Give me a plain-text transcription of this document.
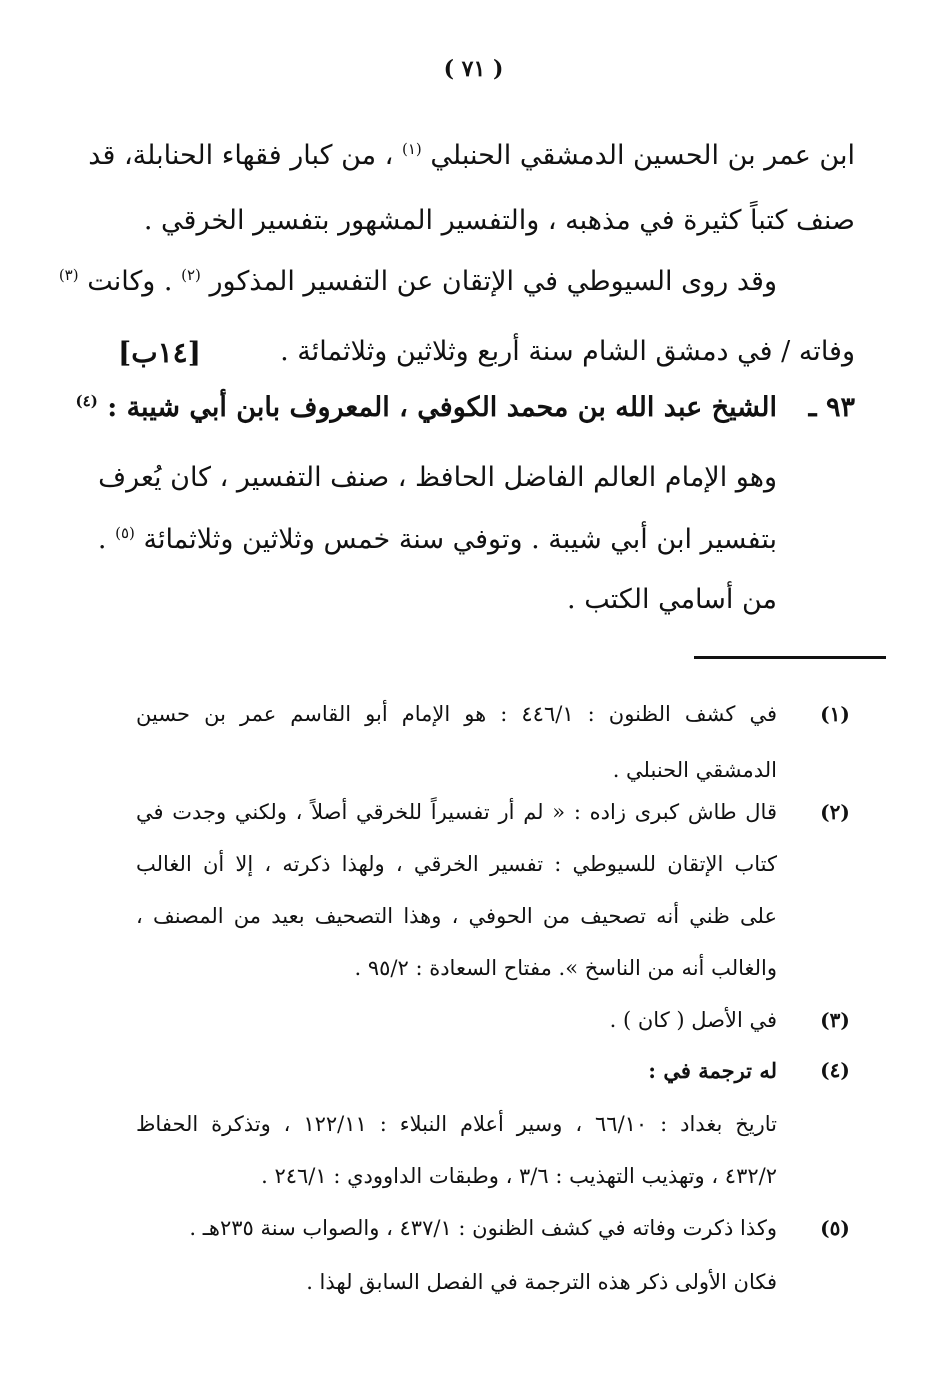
( ٧١ )
ابن عمر بن الحسين الدمشقي الحنبلي $^{(١)}$ ، من كبار فقهاء الحنابلة، قد
صنف كتباً كثيرة في مذهبه ، والتفسير المشهور بتفسير الخرقي .
وقد روى السيوطي في الإتقان عن التفسير المذكور $^{(٢)}$ . وكانت $^{(٣)}$
وفاته / في دمشق الشام سنة أربع وثلاثين وثلاثمائة .
[١٤ب]
٩٣ ـ
الشيخ عبد الله بن محمد الكوفي ، المعروف بابن أبي شيبة : $^{(٤)}$
وهو الإمام العالم الفاضل الحافظ ، صنف التفسير ، كان يُعرف
بتفسير ابن أبي شيبة . وتوفي سنة خمس وثلاثين وثلاثمائة $^{(٥)}$ .
من أسامي الكتب .
(١)
في كشف الظنون : ٤٤٦/١ : هو الإمام أبو القاسم عمر بن حسين
الدمشقي الحنبلي .
(٢)
قال طاش كبرى زاده : « لم أر تفسيراً للخرقي أصلاً ، ولكني وجدت في
كتاب الإتقان للسيوطي : تفسير الخرقي ، ولهذا ذكرته ، إلا أن الغالب
على ظني أنه تصحيف من الحوفي ، وهذا التصحيف بعيد من المصنف ،
والغالب أنه من الناسخ ». مفتاح السعادة : ٩٥/٢ .
(٣)
في الأصل ( كان ) .
(٤)
له ترجمة في :
تاريخ بغداد : ٦٦/١٠ ، وسير أعلام النبلاء : ١٢٢/١١ ، وتذكرة الحفاظ
٤٣٢/٢ ، وتهذيب التهذيب : ٣/٦ ، وطبقات الداوودي : ٢٤٦/١ .
(٥)
وكذا ذكرت وفاته في كشف الظنون : ٤٣٧/١ ، والصواب سنة ٢٣٥هـ .
فكان الأولى ذكر هذه الترجمة في الفصل السابق لهذا .
